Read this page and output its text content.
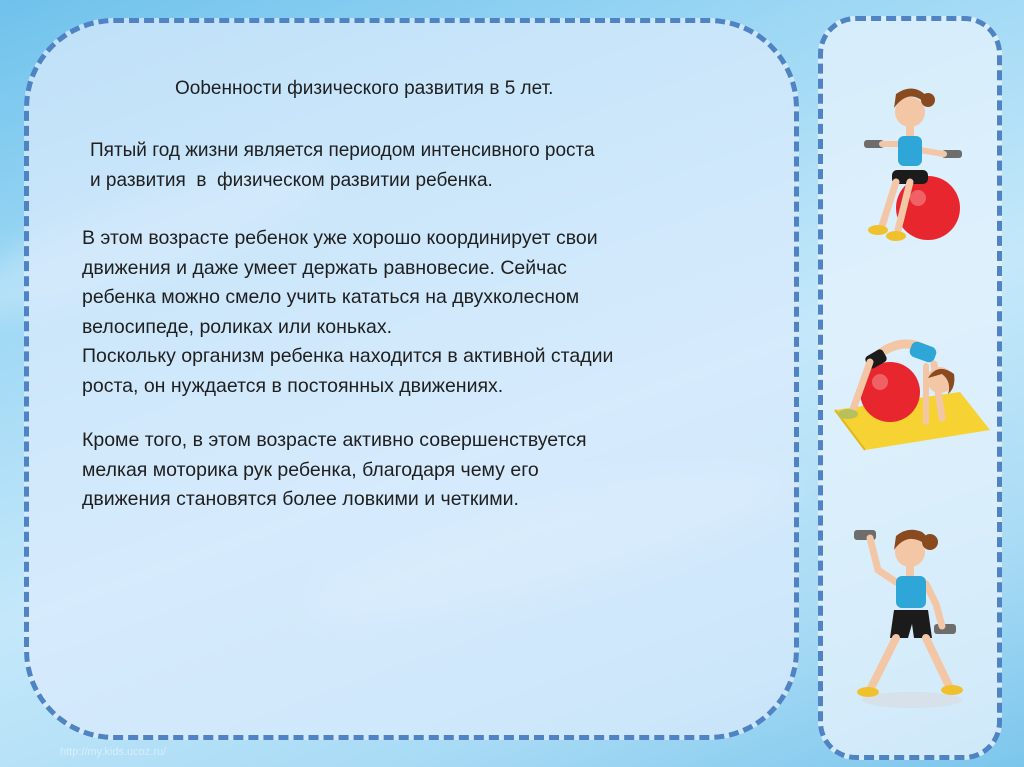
Оobенности физического развития в 5 лет.

Пятый год жизни является периодом интенсивного роста
и развития  в  физическом развитии ребенка.

В этом возрасте ребенок уже хорошо координирует свои
движения и даже умеет держать равновесие. Сейчас
ребенка можно смело учить кататься на двухколесном
велосипеде, роликах или коньках.
Поскольку организм ребенка находится в активной стадии
роста, он нуждается в постоянных движениях.

Кроме того, в этом возрасте активно совершенствуется
мелкая моторика рук ребенка, благодаря чему его
движения становятся более ловкими и четкими.

http://my.kids.ucoz.ru/
